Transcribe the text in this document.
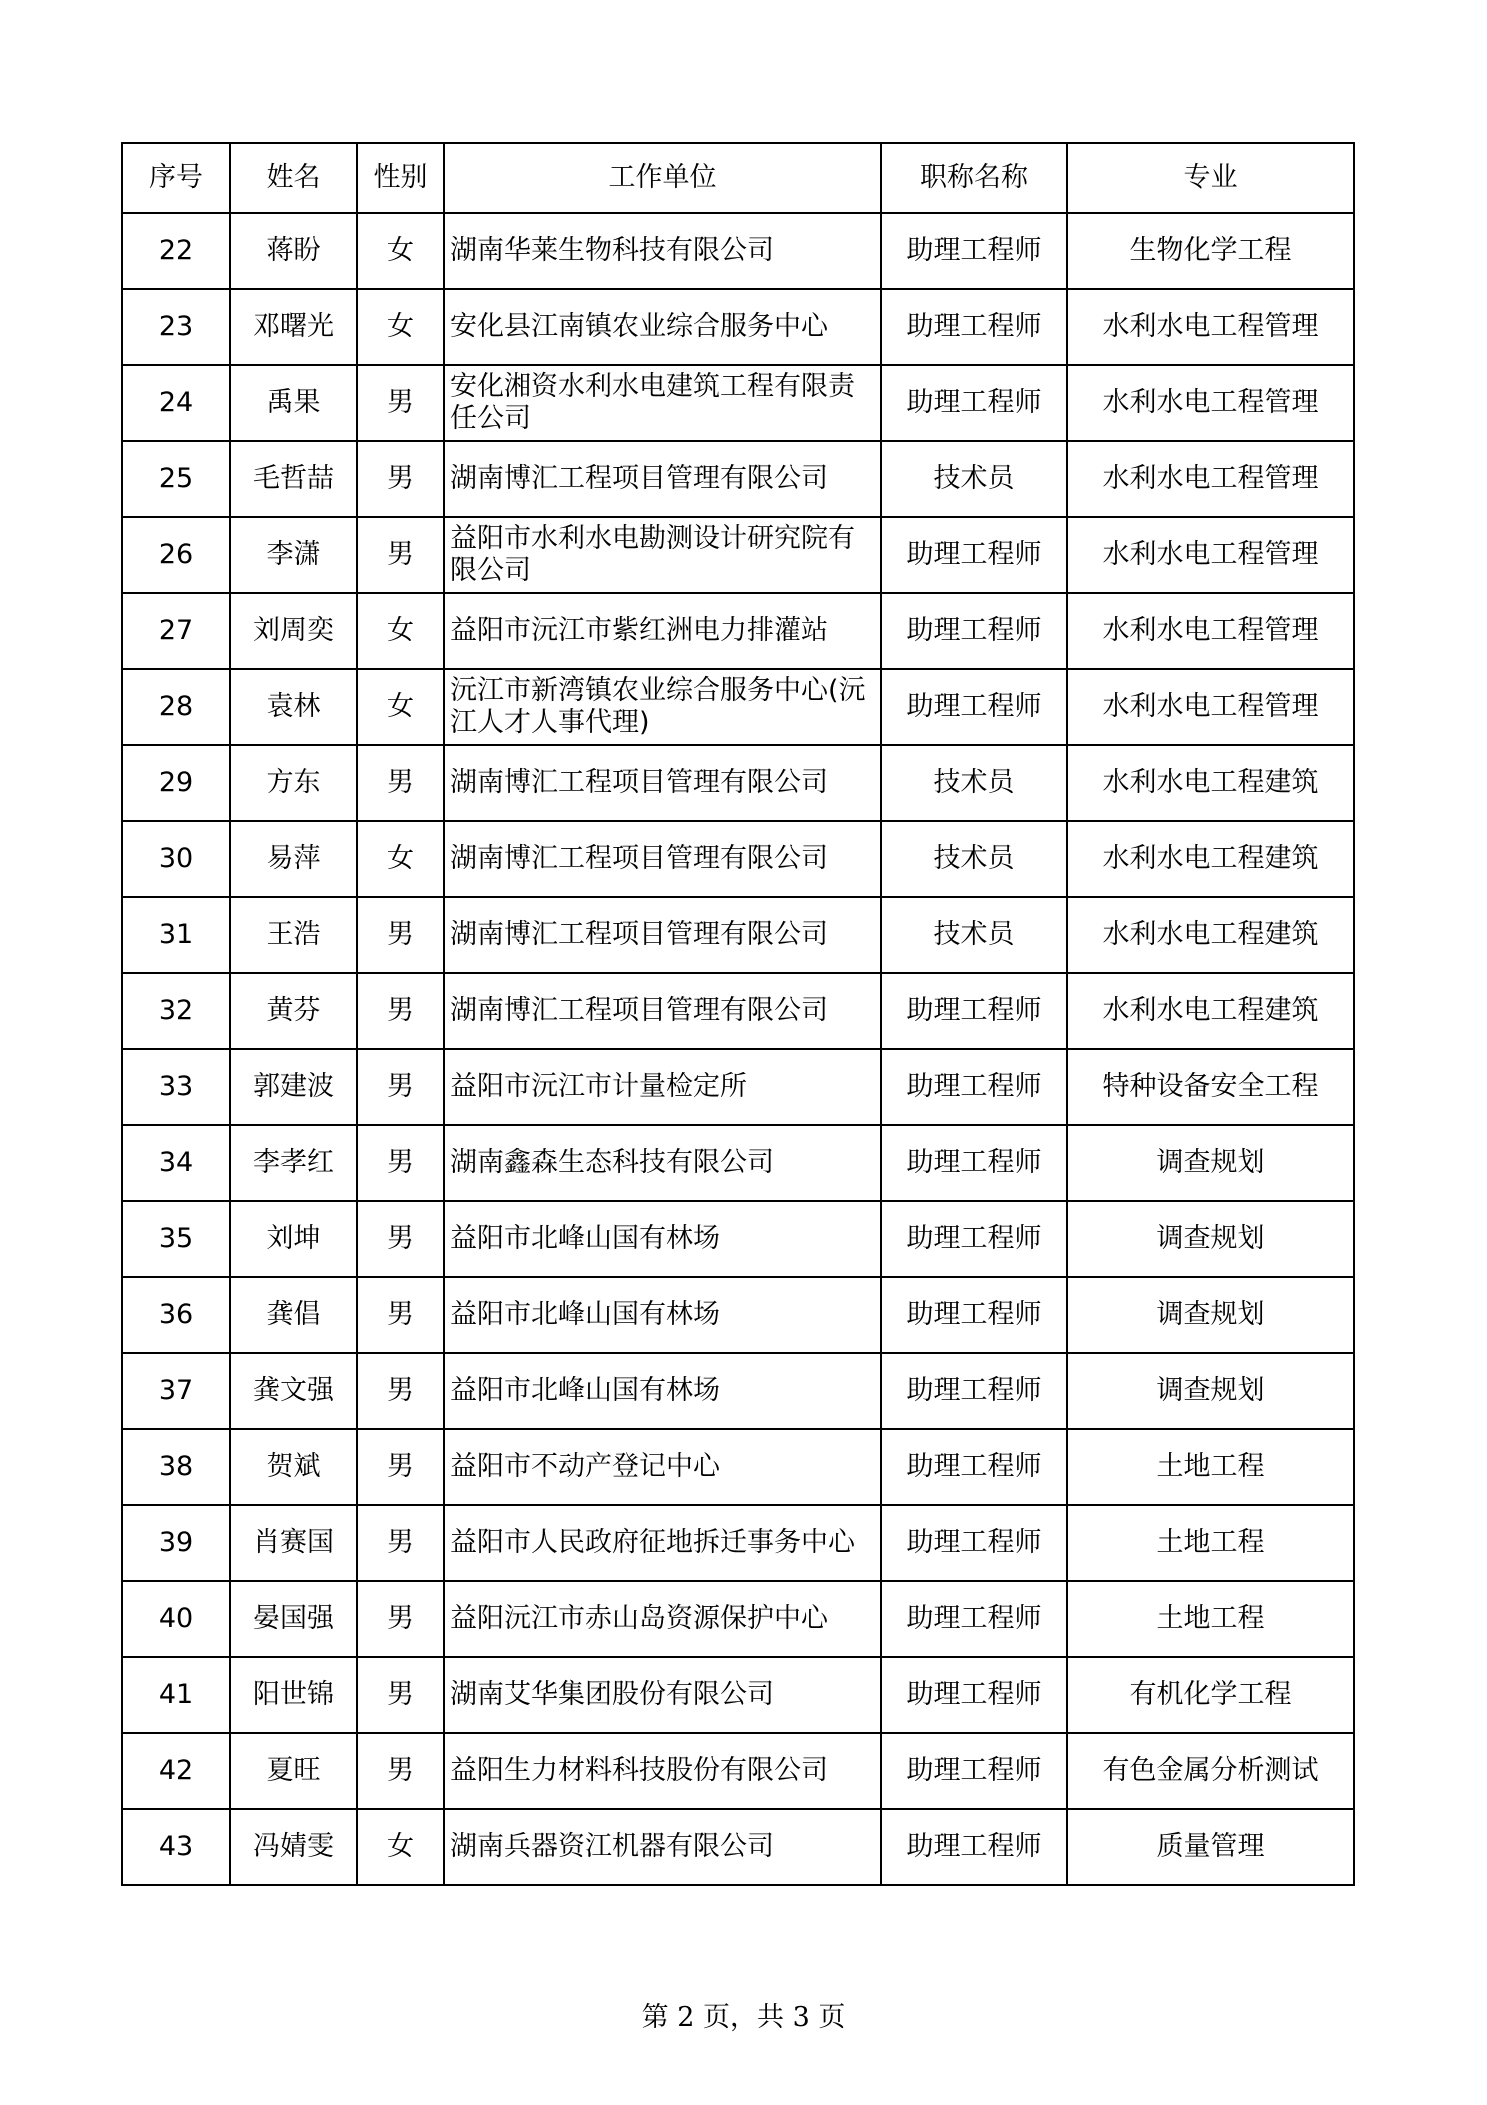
序号	姓名	性别	工作单位	职称名称	专业
22	蒋盼	女	湖南华莱生物科技有限公司	助理工程师	生物化学工程
23	邓曙光	女	安化县江南镇农业综合服务中心	助理工程师	水利水电工程管理
24	禹果	男	安化湘资水利水电建筑工程有限责任公司	助理工程师	水利水电工程管理
25	毛哲喆	男	湖南博汇工程项目管理有限公司	技术员	水利水电工程管理
26	李潇	男	益阳市水利水电勘测设计研究院有限公司	助理工程师	水利水电工程管理
27	刘周奕	女	益阳市沅江市紫红洲电力排灌站	助理工程师	水利水电工程管理
28	袁林	女	沅江市新湾镇农业综合服务中心(沅江人才人事代理)	助理工程师	水利水电工程管理
29	方东	男	湖南博汇工程项目管理有限公司	技术员	水利水电工程建筑
30	易萍	女	湖南博汇工程项目管理有限公司	技术员	水利水电工程建筑
31	王浩	男	湖南博汇工程项目管理有限公司	技术员	水利水电工程建筑
32	黄芬	男	湖南博汇工程项目管理有限公司	助理工程师	水利水电工程建筑
33	郭建波	男	益阳市沅江市计量检定所	助理工程师	特种设备安全工程
34	李孝红	男	湖南鑫森生态科技有限公司	助理工程师	调查规划
35	刘坤	男	益阳市北峰山国有林场	助理工程师	调查规划
36	龚倡	男	益阳市北峰山国有林场	助理工程师	调查规划
37	龚文强	男	益阳市北峰山国有林场	助理工程师	调查规划
38	贺斌	男	益阳市不动产登记中心	助理工程师	土地工程
39	肖赛国	男	益阳市人民政府征地拆迁事务中心	助理工程师	土地工程
40	晏国强	男	益阳沅江市赤山岛资源保护中心	助理工程师	土地工程
41	阳世锦	男	湖南艾华集团股份有限公司	助理工程师	有机化学工程
42	夏旺	男	益阳生力材料科技股份有限公司	助理工程师	有色金属分析测试
43	冯婧雯	女	湖南兵器资江机器有限公司	助理工程师	质量管理
第 2 页，共 3 页
